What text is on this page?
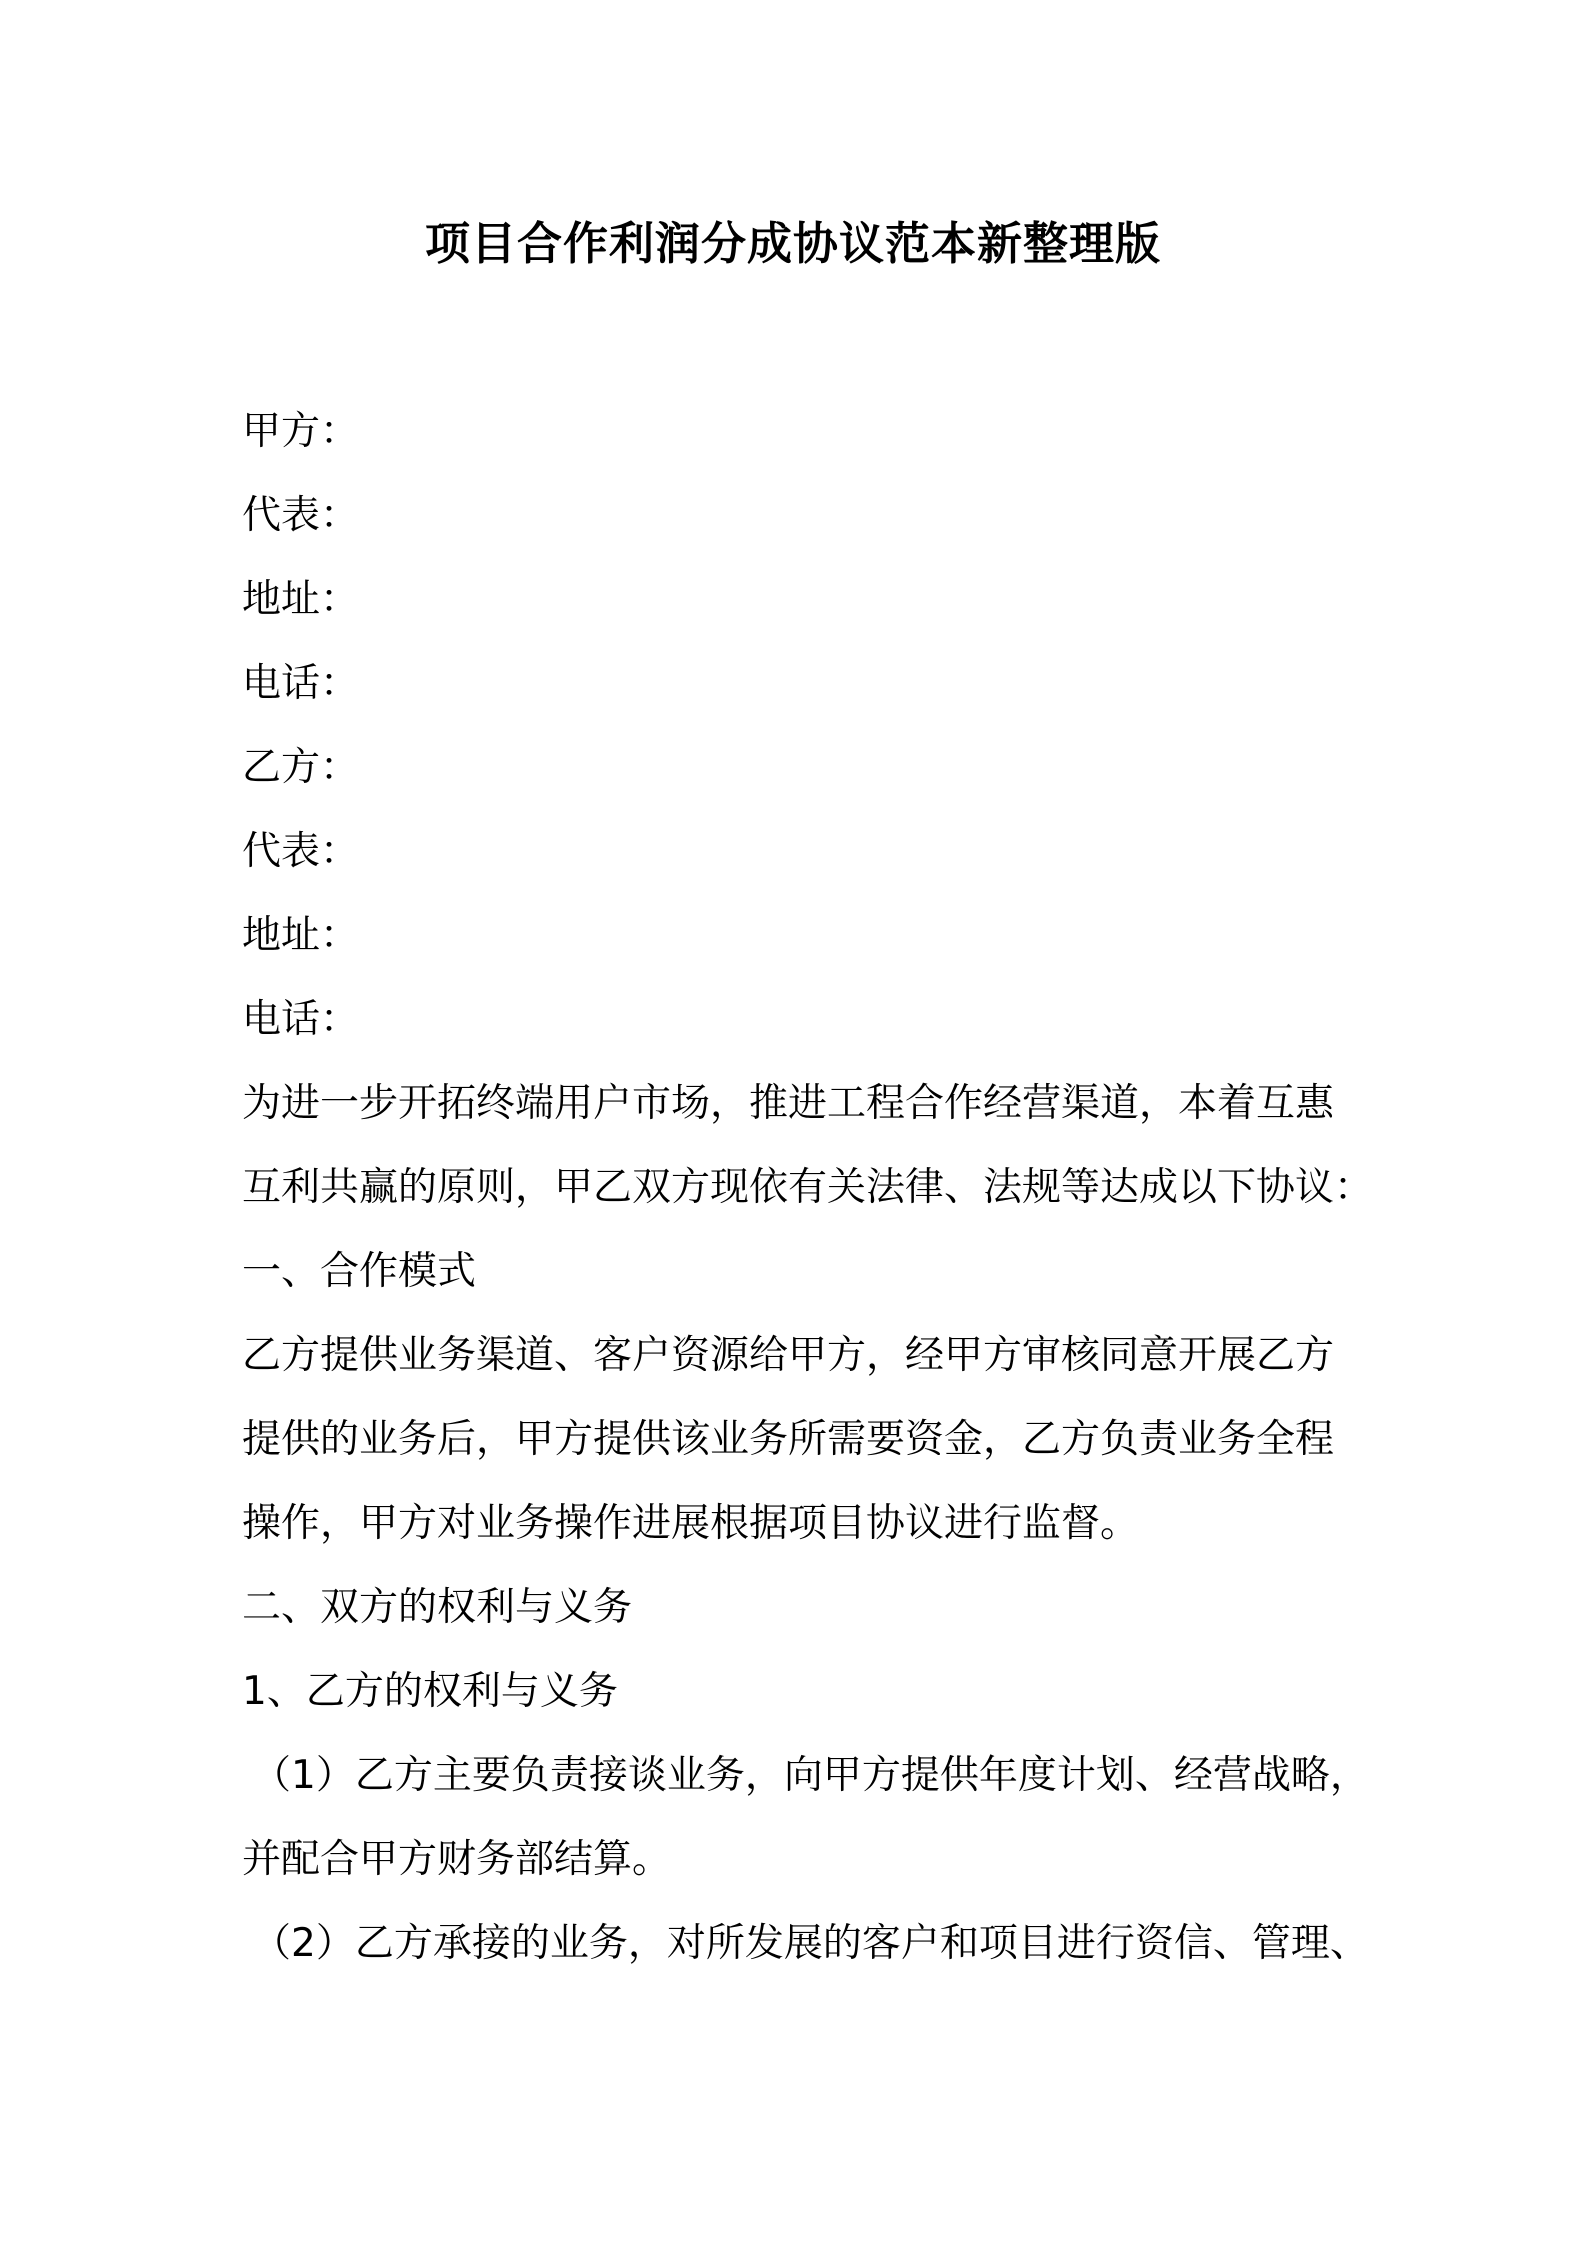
项目合作利润分成协议范本新整理版
甲方：
代表：
地址：
电话：
乙方：
代表：
地址：
电话：
为进一步开拓终端用户市场，推进工程合作经营渠道，本着互惠
互利共赢的原则，甲乙双方现依有关法律、法规等达成以下协议：
一、合作模式
乙方提供业务渠道、客户资源给甲方，经甲方审核同意开展乙方
提供的业务后，甲方提供该业务所需要资金，乙方负责业务全程
操作，甲方对业务操作进展根据项目协议进行监督。
二、双方的权利与义务
1、乙方的权利与义务
（1）乙方主要负责接谈业务，向甲方提供年度计划、经营战略，
并配合甲方财务部结算。
（2）乙方承接的业务，对所发展的客户和项目进行资信、管理、
